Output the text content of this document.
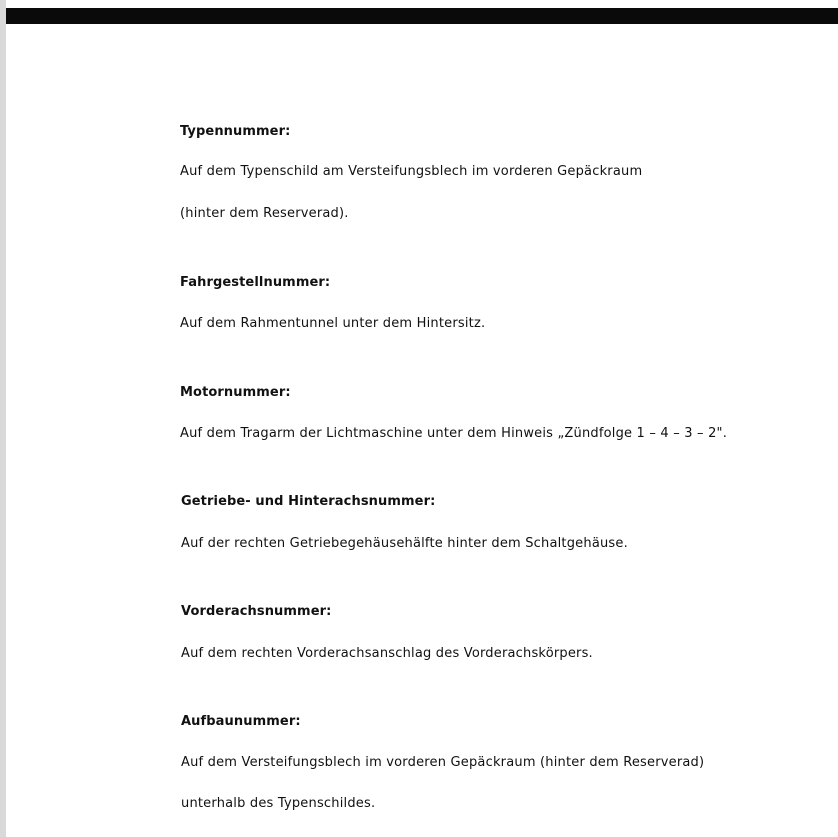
Typennummer:
Auf dem Typenschild am Versteifungsblech im vorderen Gepäckraum
(hinter dem Reserverad).
Fahrgestellnummer:
Auf dem Rahmentunnel unter dem Hintersitz.
Motornummer:
Auf dem Tragarm der Lichtmaschine unter dem Hinweis „Zündfolge 1 – 4 – 3 – 2".
Getriebe- und Hinterachsnummer:
Auf der rechten Getriebegehäusehälfte hinter dem Schaltgehäuse.
Vorderachsnummer:
Auf dem rechten Vorderachsanschlag des Vorderachskörpers.
Aufbaunummer:
Auf dem Versteifungsblech im vorderen Gepäckraum (hinter dem Reserverad)
unterhalb des Typenschildes.
